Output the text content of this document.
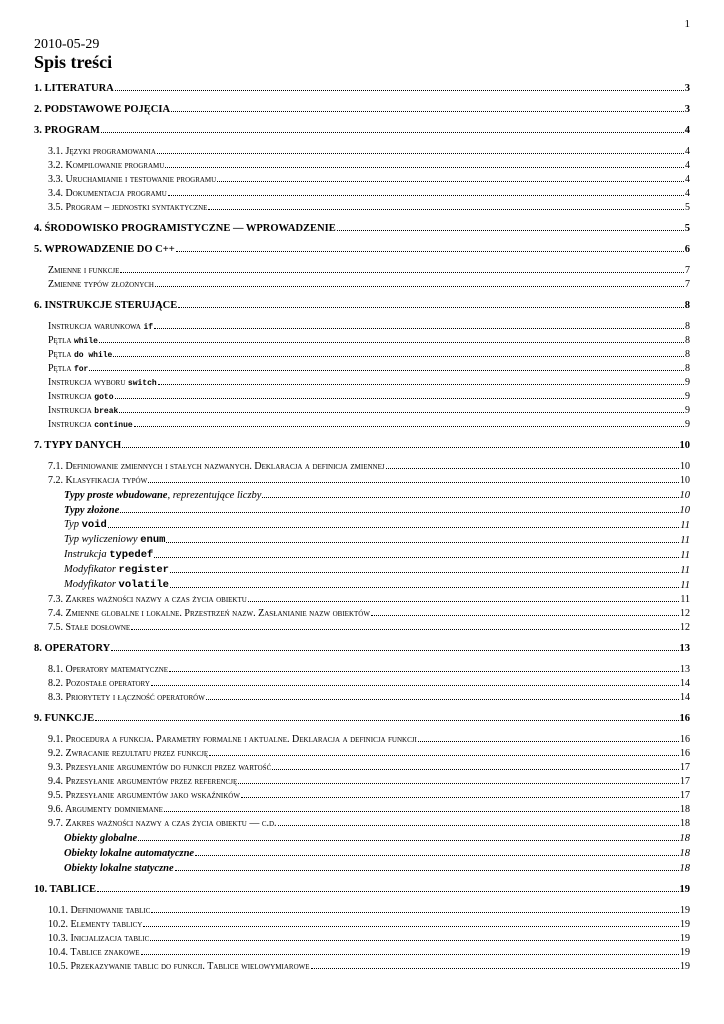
1
2010-05-29
Spis treści
1. LITERATURA	3
2. PODSTAWOWE POJĘCIA	3
3. PROGRAM	4
3.1. Języki programowania	4
3.2. Kompilowanie programu	4
3.3. Uruchamianie i testowanie programu	4
3.4. Dokumentacja programu	4
3.5. Program – jednostki syntaktyczne	5
4. ŚRODOWISKO PROGRAMISTYCZNE — WPROWADZENIE	5
5. WPROWADZENIE DO C++	6
Zmienne i funkcje	7
Zmienne typów złożonych	7
6. INSTRUKCJE STERUJĄCE	8
Instrukcja warunkowa if	8
Pętla while	8
Pętla do while	8
Pętla for	8
Instrukcja wyboru switch	9
Instrukcja goto	9
Instrukcja break	9
Instrukcja continue	9
7. TYPY DANYCH	10
7.1. Definiowanie zmiennych i stałych nazwanych. Deklaracja a definicja zmiennej	10
7.2. Klasyfikacja typów	10
Typy proste wbudowane, reprezentujące liczby	10
Typy złożone	10
Typ void	11
Typ wyliczeniowy enum	11
Instrukcja typedef	11
Modyfikator register	11
Modyfikator volatile	11
7.3. Zakres ważności nazwy a czas życia obiektu	11
7.4. Zmienne globalne i lokalne. Przestrzeń nazw. Zasłanianie nazw obiektów	12
7.5. Stałe dosłowne	12
8. OPERATORY	13
8.1. Operatory matematyczne	13
8.2. Pozostałe operatory	14
8.3. Priorytety i łączność operatorów	14
9. FUNKCJE	16
9.1. Procedura a funkcja. Parametry formalne i aktualne. Deklaracja a definicja funkcji	16
9.2. Zwracanie rezultatu przez funkcję	16
9.3. Przesyłanie argumentów do funkcji przez wartość	17
9.4. Przesyłanie argumentów przez referencję	17
9.5. Przesyłanie argumentów jako wskaźników	17
9.6. Argumenty domniemane	18
9.7. Zakres ważności nazwy a czas życia obiektu — c.d.	18
Obiekty globalne	18
Obiekty lokalne automatyczne	18
Obiekty lokalne statyczne	18
10. TABLICE	19
10.1. Definiowanie tablic	19
10.2. Elementy tablicy	19
10.3. Inicjalizacja tablic	19
10.4. Tablice znakowe	19
10.5. Przekazywanie tablic do funkcji. Tablice wielowymiarowe	19
